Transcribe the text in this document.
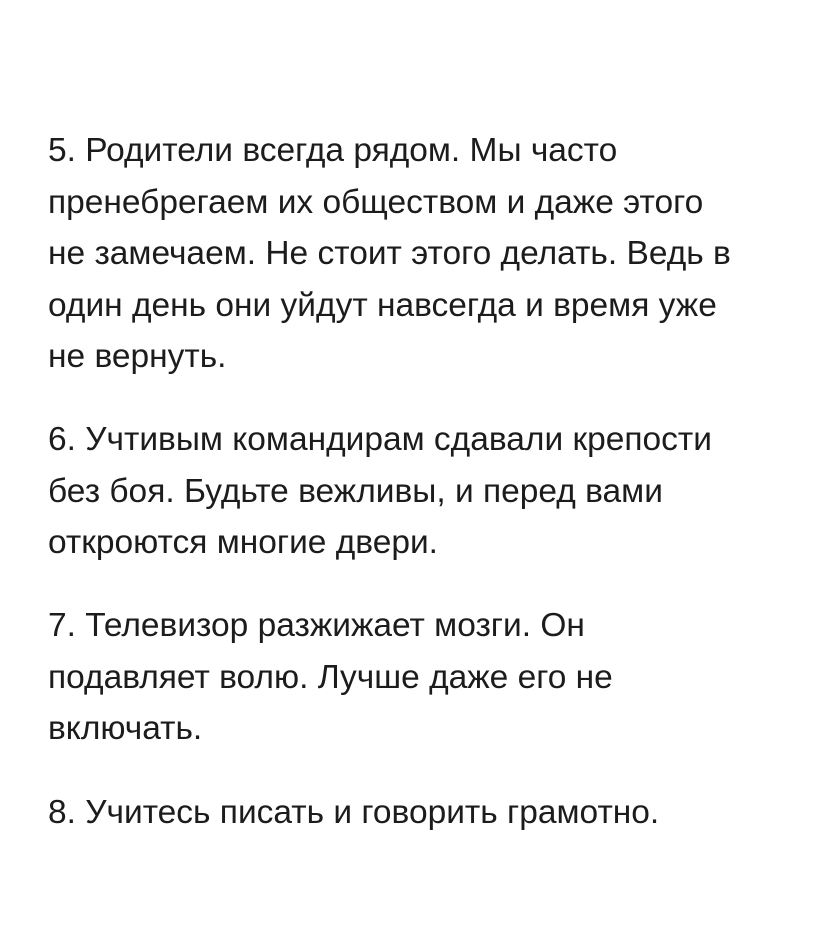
5. Родители всегда рядом. Мы часто
пренебрегаем их обществом и даже этого
не замечаем. Не стоит этого делать. Ведь в
один день они уйдут навсегда и время уже
не вернуть.

6. Учтивым командирам сдавали крепости
без боя. Будьте вежливы, и перед вами
откроются многие двери.

7. Телевизор разжижает мозги. Он
подавляет волю. Лучше даже его не
включать.

8. Учитесь писать и говорить грамотно.
